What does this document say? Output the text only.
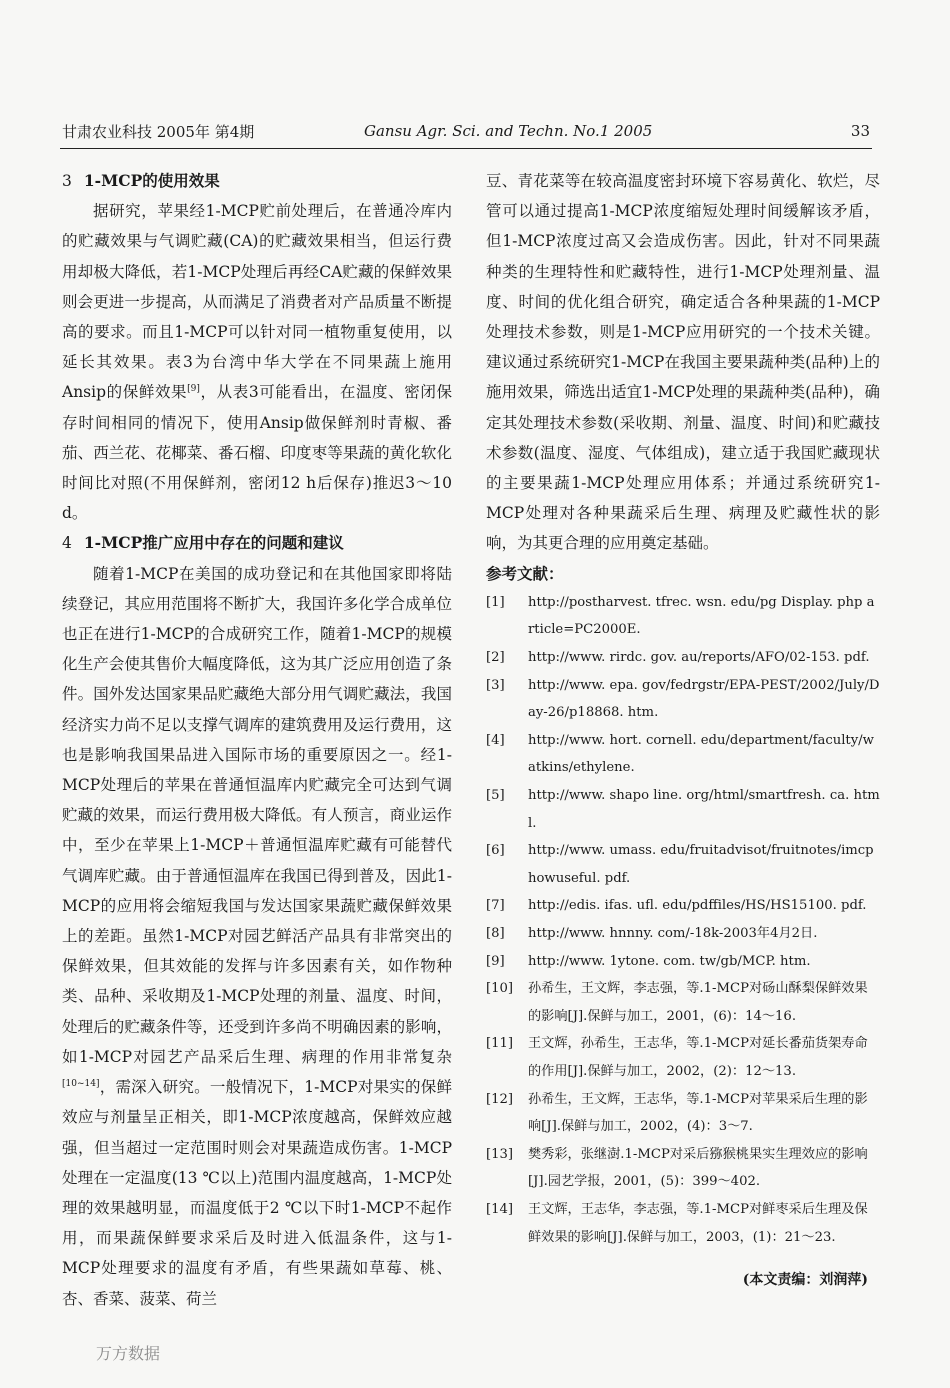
甘肃农业科技 2005年 第4期	Gansu Agr. Sci. and Techn. No.1 2005	33

3 1-MCP的使用效果

据研究，苹果经1-MCP贮前处理后，在普通冷库内的贮藏效果与气调贮藏(CA)的贮藏效果相当，但运行费用却极大降低，若1-MCP处理后再经CA贮藏的保鲜效果则会更进一步提高，从而满足了消费者对产品质量不断提高的要求。而且1-MCP可以针对同一植物重复使用，以延长其效果。表3为台湾中华大学在不同果蔬上施用Ansip的保鲜效果[9]，从表3可能看出，在温度、密闭保存时间相同的情况下，使用Ansip做保鲜剂时青椒、番茄、西兰花、花椰菜、番石榴、印度枣等果蔬的黄化软化时间比对照(不用保鲜剂，密闭12 h后保存)推迟3～10 d。

4 1-MCP推广应用中存在的问题和建议

随着1-MCP在美国的成功登记和在其他国家即将陆续登记，其应用范围将不断扩大，我国许多化学合成单位也正在进行1-MCP的合成研究工作，随着1-MCP的规模化生产会使其售价大幅度降低，这为其广泛应用创造了条件。国外发达国家果品贮藏绝大部分用气调贮藏法，我国经济实力尚不足以支撑气调库的建筑费用及运行费用，这也是影响我国果品进入国际市场的重要原因之一。经1-MCP处理后的苹果在普通恒温库内贮藏完全可达到气调贮藏的效果，而运行费用极大降低。有人预言，商业运作中，至少在苹果上1-MCP＋普通恒温库贮藏有可能替代气调库贮藏。由于普通恒温库在我国已得到普及，因此1-MCP的应用将会缩短我国与发达国家果蔬贮藏保鲜效果上的差距。虽然1-MCP对园艺鲜活产品具有非常突出的保鲜效果，但其效能的发挥与许多因素有关，如作物种类、品种、采收期及1-MCP处理的剂量、温度、时间，处理后的贮藏条件等，还受到许多尚不明确因素的影响，如1-MCP对园艺产品采后生理、病理的作用非常复杂[10~14]，需深入研究。一般情况下，1-MCP对果实的保鲜效应与剂量呈正相关，即1-MCP浓度越高，保鲜效应越强，但当超过一定范围时则会对果蔬造成伤害。1-MCP处理在一定温度(13 ℃以上)范围内温度越高，1-MCP处理的效果越明显，而温度低于2 ℃以下时1-MCP不起作用，而果蔬保鲜要求采后及时进入低温条件，这与1-MCP处理要求的温度有矛盾，有些果蔬如草莓、桃、杏、香菜、菠菜、荷兰

豆、青花菜等在较高温度密封环境下容易黄化、软烂，尽管可以通过提高1-MCP浓度缩短处理时间缓解该矛盾，但1-MCP浓度过高又会造成伤害。因此，针对不同果蔬种类的生理特性和贮藏特性，进行1-MCP处理剂量、温度、时间的优化组合研究，确定适合各种果蔬的1-MCP处理技术参数，则是1-MCP应用研究的一个技术关键。建议通过系统研究1-MCP在我国主要果蔬种类(品种)上的施用效果，筛选出适宜1-MCP处理的果蔬种类(品种)，确定其处理技术参数(采收期、剂量、温度、时间)和贮藏技术参数(温度、湿度、气体组成)，建立适于我国贮藏现状的主要果蔬1-MCP处理应用体系；并通过系统研究1-MCP处理对各种果蔬采后生理、病理及贮藏性状的影响，为其更合理的应用奠定基础。

参考文献：

[1]	http://postharvest. tfrec. wsn. edu/pg Display. php article=PC2000E.
[2]	http://www. rirdc. gov. au/reports/AFO/02-153. pdf.
[3]	http://www. epa. gov/fedrgstr/EPA-PEST/2002/July/Day-26/p18868. htm.
[4]	http://www. hort. cornell. edu/department/faculty/watkins/ethylene.
[5]	http://www. shapo line. org/html/smartfresh. ca. html.
[6]	http://www. umass. edu/fruitadvisot/fruitnotes/imcphowuseful. pdf.
[7]	http://edis. ifas. ufl. edu/pdffiles/HS/HS15100. pdf.
[8]	http://www. hnnny. com/-18k-2003年4月2日.
[9]	http://www. 1ytone. com. tw/gb/MCP. htm.
[10]	孙希生，王文辉，李志强，等.1-MCP对砀山酥梨保鲜效果的影响[J].保鲜与加工，2001，(6)：14～16.
[11]	王文辉，孙希生，王志华，等.1-MCP对延长番茄货架寿命的作用[J].保鲜与加工，2002，(2)：12～13.
[12]	孙希生，王文辉，王志华，等.1-MCP对苹果采后生理的影响[J].保鲜与加工，2002，(4)：3～7.
[13]	樊秀彩，张继澍.1-MCP对采后猕猴桃果实生理效应的影响[J].园艺学报，2001，(5)：399～402.
[14]	王文辉，王志华，李志强，等.1-MCP对鲜枣采后生理及保鲜效果的影响[J].保鲜与加工，2003，(1)：21～23.
(本文责编：刘润萍)
万方数据
